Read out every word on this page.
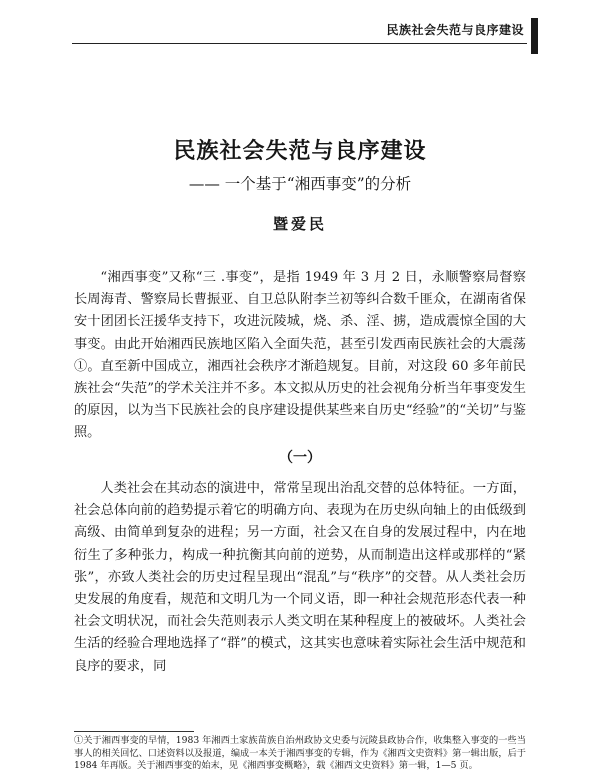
民族社会失范与良序建设
民族社会失范与良序建设
—— 一个基于“湘西事变”的分析
暨爱民

“湘西事变”又称“三 .事变”，是指 1949 年 3 月 2 日，永顺警察局督察长周海青、警察局长曹振亚、自卫总队附李兰初等纠合数千匪众，在湖南省保安十团团长汪援华支持下，攻进沅陵城，烧、杀、淫、掳，造成震惊全国的大事变。由此开始湘西民族地区陷入全面失范，甚至引发西南民族社会的大震荡①。直至新中国成立，湘西社会秩序才渐趋规复。目前，对这段 60 多年前民族社会“失范”的学术关注并不多。本文拟从历史的社会视角分析当年事变发生的原因，以为当下民族社会的良序建设提供某些来自历史“经验”的“关切”与鉴照。

（一）

人类社会在其动态的演进中，常常呈现出治乱交替的总体特征。一方面，社会总体向前的趋势提示着它的明确方向、表现为在历史纵向轴上的由低级到高级、由简单到复杂的进程；另一方面，社会又在自身的发展过程中，内在地衍生了多种张力，构成一种抗衡其向前的逆势，从而制造出这样或那样的“紧张”，亦致人类社会的历史过程呈现出“混乱”与“秩序”的交替。从人类社会历史发展的角度看，规范和文明几为一个同义语，即一种社会规范形态代表一种社会文明状况，而社会失范则表示人类文明在某种程度上的被破坏。人类社会生活的经验合理地选择了“群”的模式，这其实也意味着实际社会生活中规范和良序的要求，同

①关于湘西事变的早情，1983 年湘西土家族苗族自治州政协文史委与沅陵县政协合作，收集整入事变的一些当事人的相关回忆、口述资料以及报道，编成一本关于湘西事变的专辑，作为《湘西文史资料》第一辑出版，后于 1984 年再版。关于湘西事变的始末，见《湘西事变概略》，载《湘西文史资料》第一辑，1—5 页。
